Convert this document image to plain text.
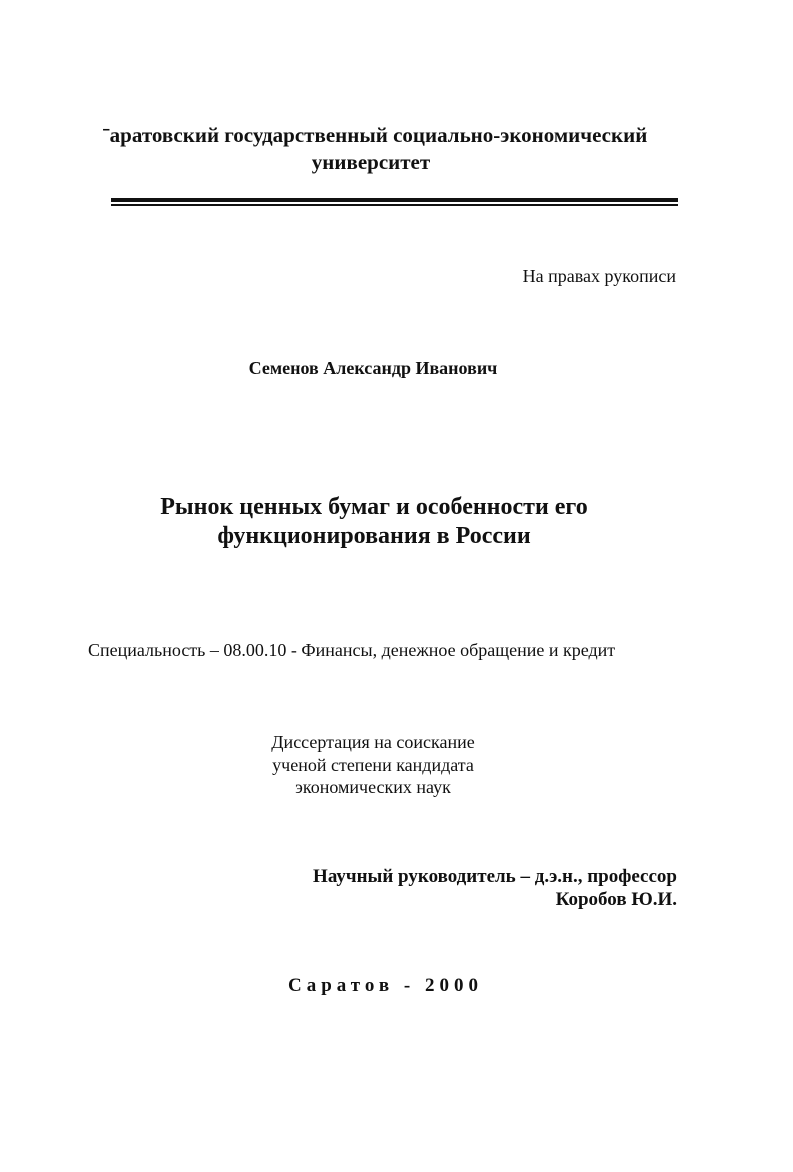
ˉаратовский государственный социально-экономический

университет

На правах рукописи

Семенов Александр Иванович

Рынок ценных бумаг и особенности его

функционирования в России

Специальность – 08.00.10 - Финансы, денежное обращение и кредит

Диссертация на соискание

ученой степени кандидата

экономических наук

Научный руководитель – д.э.н., профессор

Коробов Ю.И.

Саратов - 2000
